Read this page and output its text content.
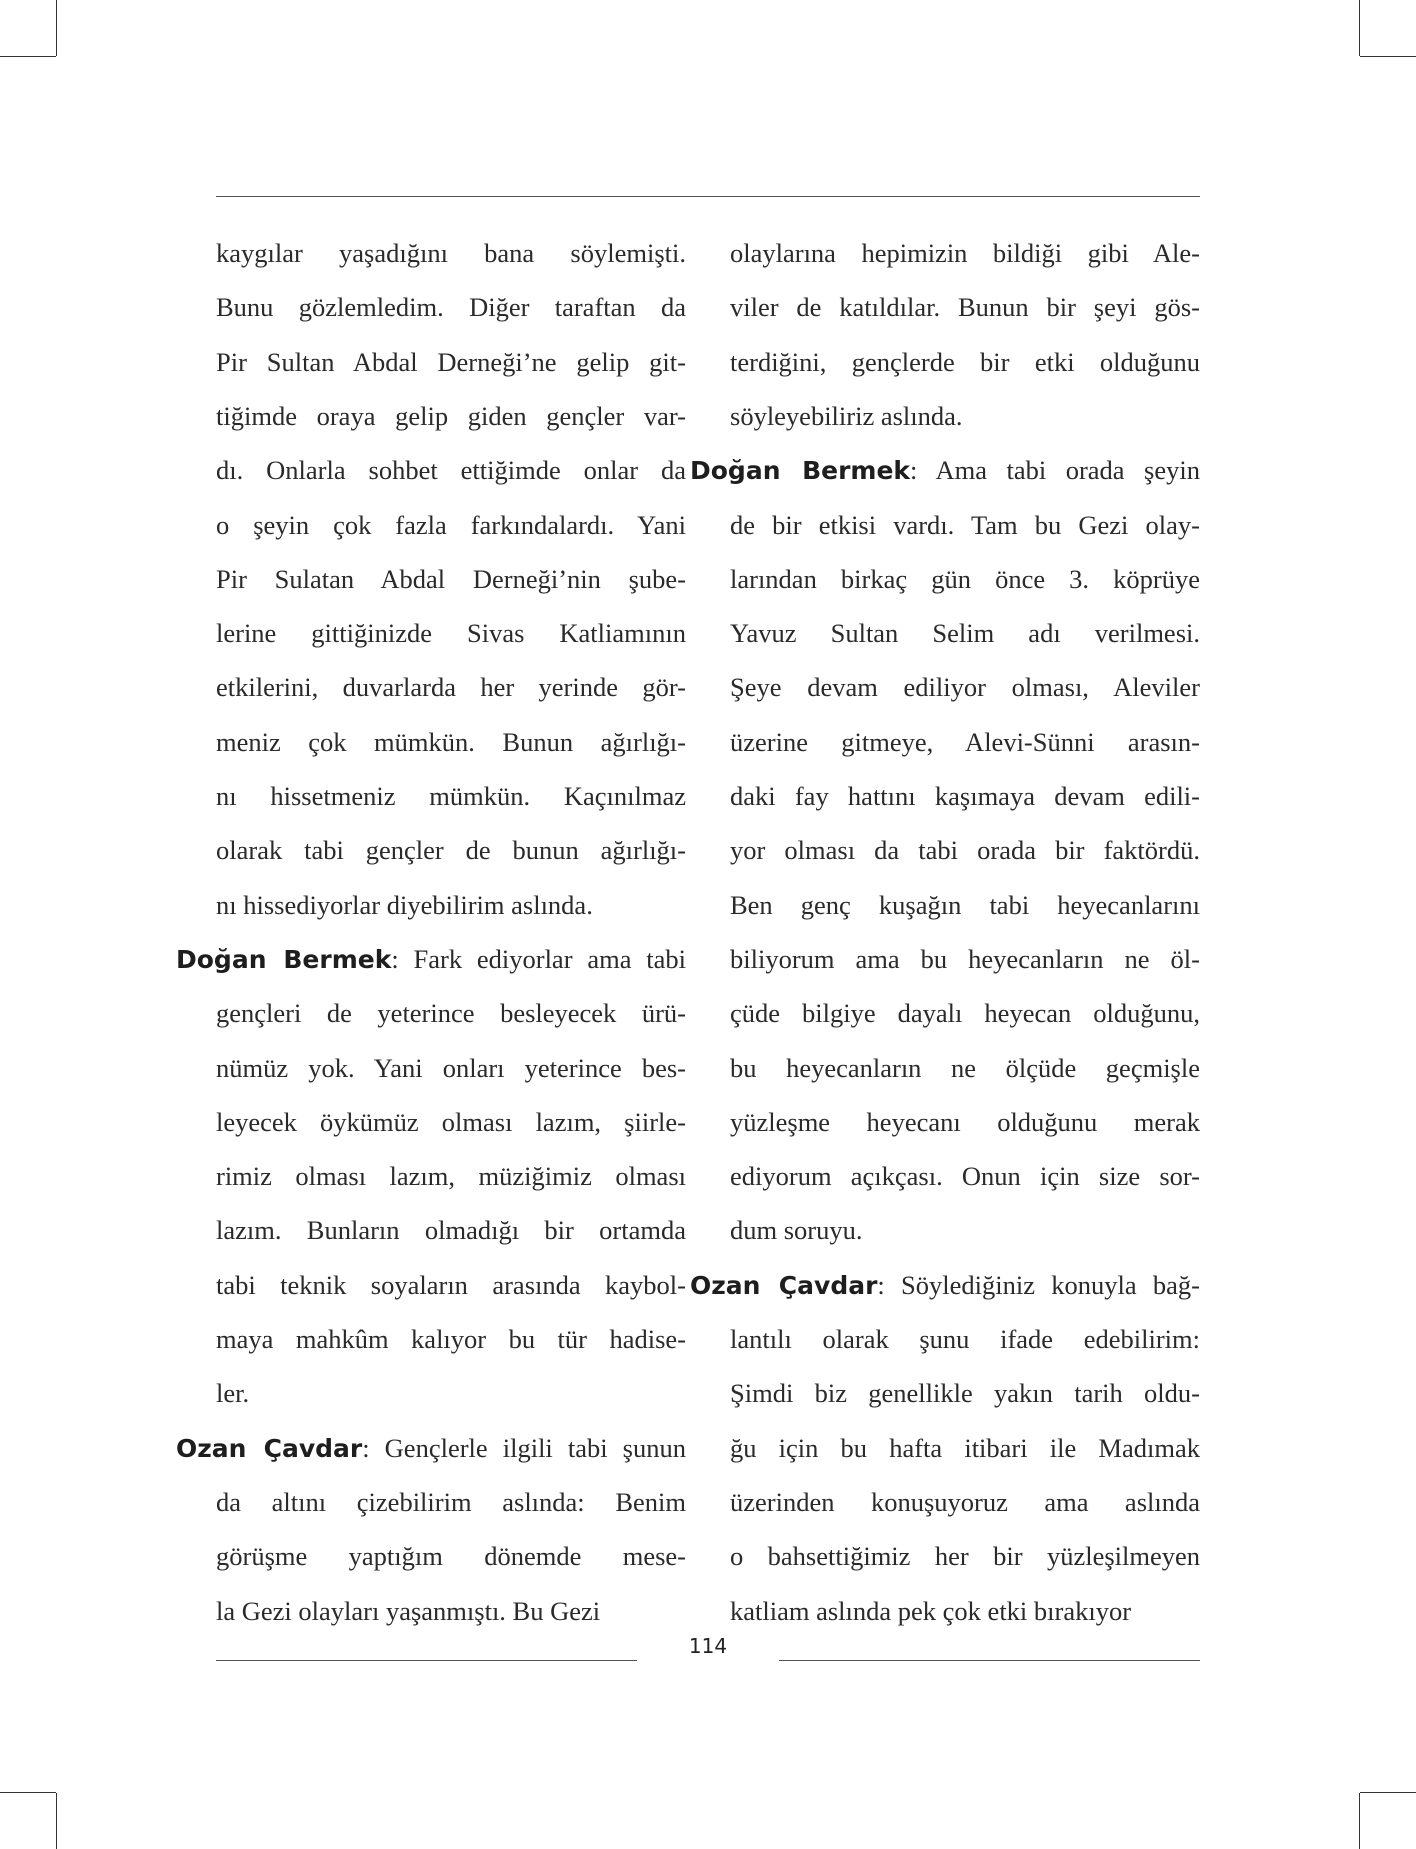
kaygılar yaşadığını bana söylemişti.
Bunu gözlemledim. Diğer taraftan da
Pir Sultan Abdal Derneği’ne gelip git-
tiğimde oraya gelip giden gençler var-
dı. Onlarla sohbet ettiğimde onlar da
o şeyin çok fazla farkındalardı. Yani
Pir Sulatan Abdal Derneği’nin şube-
lerine gittiğinizde Sivas Katliamının
etkilerini, duvarlarda her yerinde gör-
meniz çok mümkün. Bunun ağırlığı-
nı hissetmeniz mümkün. Kaçınılmaz
olarak tabi gençler de bunun ağırlığı-
nı hissediyorlar diyebilirim aslında.
Doğan Bermek: Fark ediyorlar ama tabi
gençleri de yeterince besleyecek ürü-
nümüz yok. Yani onları yeterince bes-
leyecek öykümüz olması lazım, şiirle-
rimiz olması lazım, müziğimiz olması
lazım. Bunların olmadığı bir ortamda
tabi teknik soyaların arasında kaybol-
maya mahkûm kalıyor bu tür hadise-
ler.
Ozan Çavdar: Gençlerle ilgili tabi şunun
da altını çizebilirim aslında: Benim
görüşme yaptığım dönemde mese-
la Gezi olayları yaşanmıştı. Bu Gezi
olaylarına hepimizin bildiği gibi Ale-
viler de katıldılar. Bunun bir şeyi gös-
terdiğini, gençlerde bir etki olduğunu
söyleyebiliriz aslında.
Doğan Bermek: Ama tabi orada şeyin
de bir etkisi vardı. Tam bu Gezi olay-
larından birkaç gün önce 3. köprüye
Yavuz Sultan Selim adı verilmesi.
Şeye devam ediliyor olması, Aleviler
üzerine gitmeye, Alevi-Sünni arasın-
daki fay hattını kaşımaya devam edili-
yor olması da tabi orada bir faktördü.
Ben genç kuşağın tabi heyecanlarını
biliyorum ama bu heyecanların ne öl-
çüde bilgiye dayalı heyecan olduğunu,
bu heyecanların ne ölçüde geçmişle
yüzleşme heyecanı olduğunu merak
ediyorum açıkçası. Onun için size sor-
dum soruyu.
Ozan Çavdar: Söylediğiniz konuyla bağ-
lantılı olarak şunu ifade edebilirim:
Şimdi biz genellikle yakın tarih oldu-
ğu için bu hafta itibari ile Madımak
üzerinden konuşuyoruz ama aslında
o bahsettiğimiz her bir yüzleşilmeyen
katliam aslında pek çok etki bırakıyor
114
